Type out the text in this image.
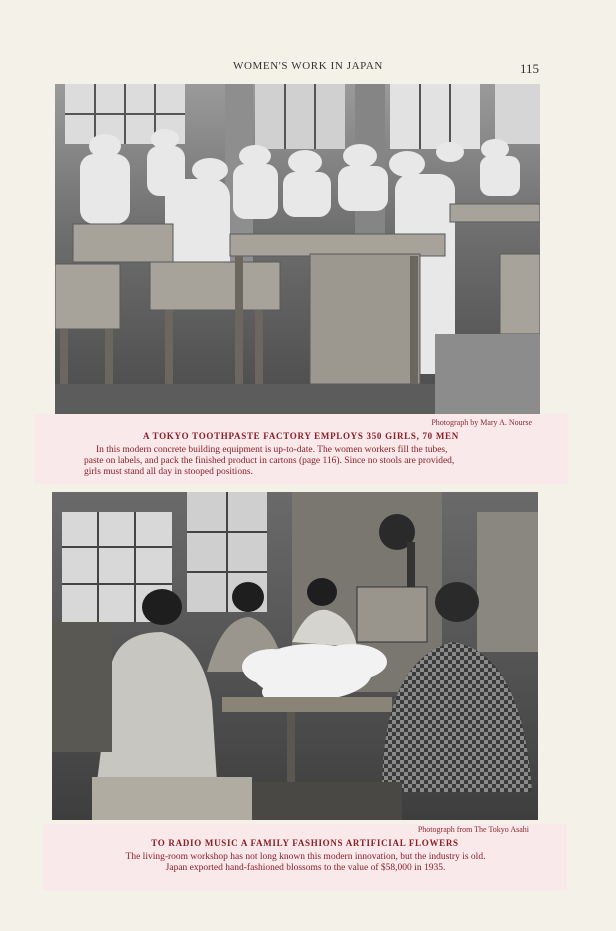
WOMEN'S WORK IN JAPAN	115
Photograph by Mary A. Nourse
A TOKYO TOOTHPASTE FACTORY EMPLOYS 350 GIRLS, 70 MEN
In this modern concrete building equipment is up-to-date. The women workers fill the tubes,
paste on labels, and pack the finished product in cartons (page 116). Since no stools are provided,
girls must stand all day in stooped positions.
Photograph from The Tokyo Asahi
TO RADIO MUSIC A FAMILY FASHIONS ARTIFICIAL FLOWERS
The living-room workshop has not long known this modern innovation, but the industry is old.
Japan exported hand-fashioned blossoms to the value of $58,000 in 1935.
